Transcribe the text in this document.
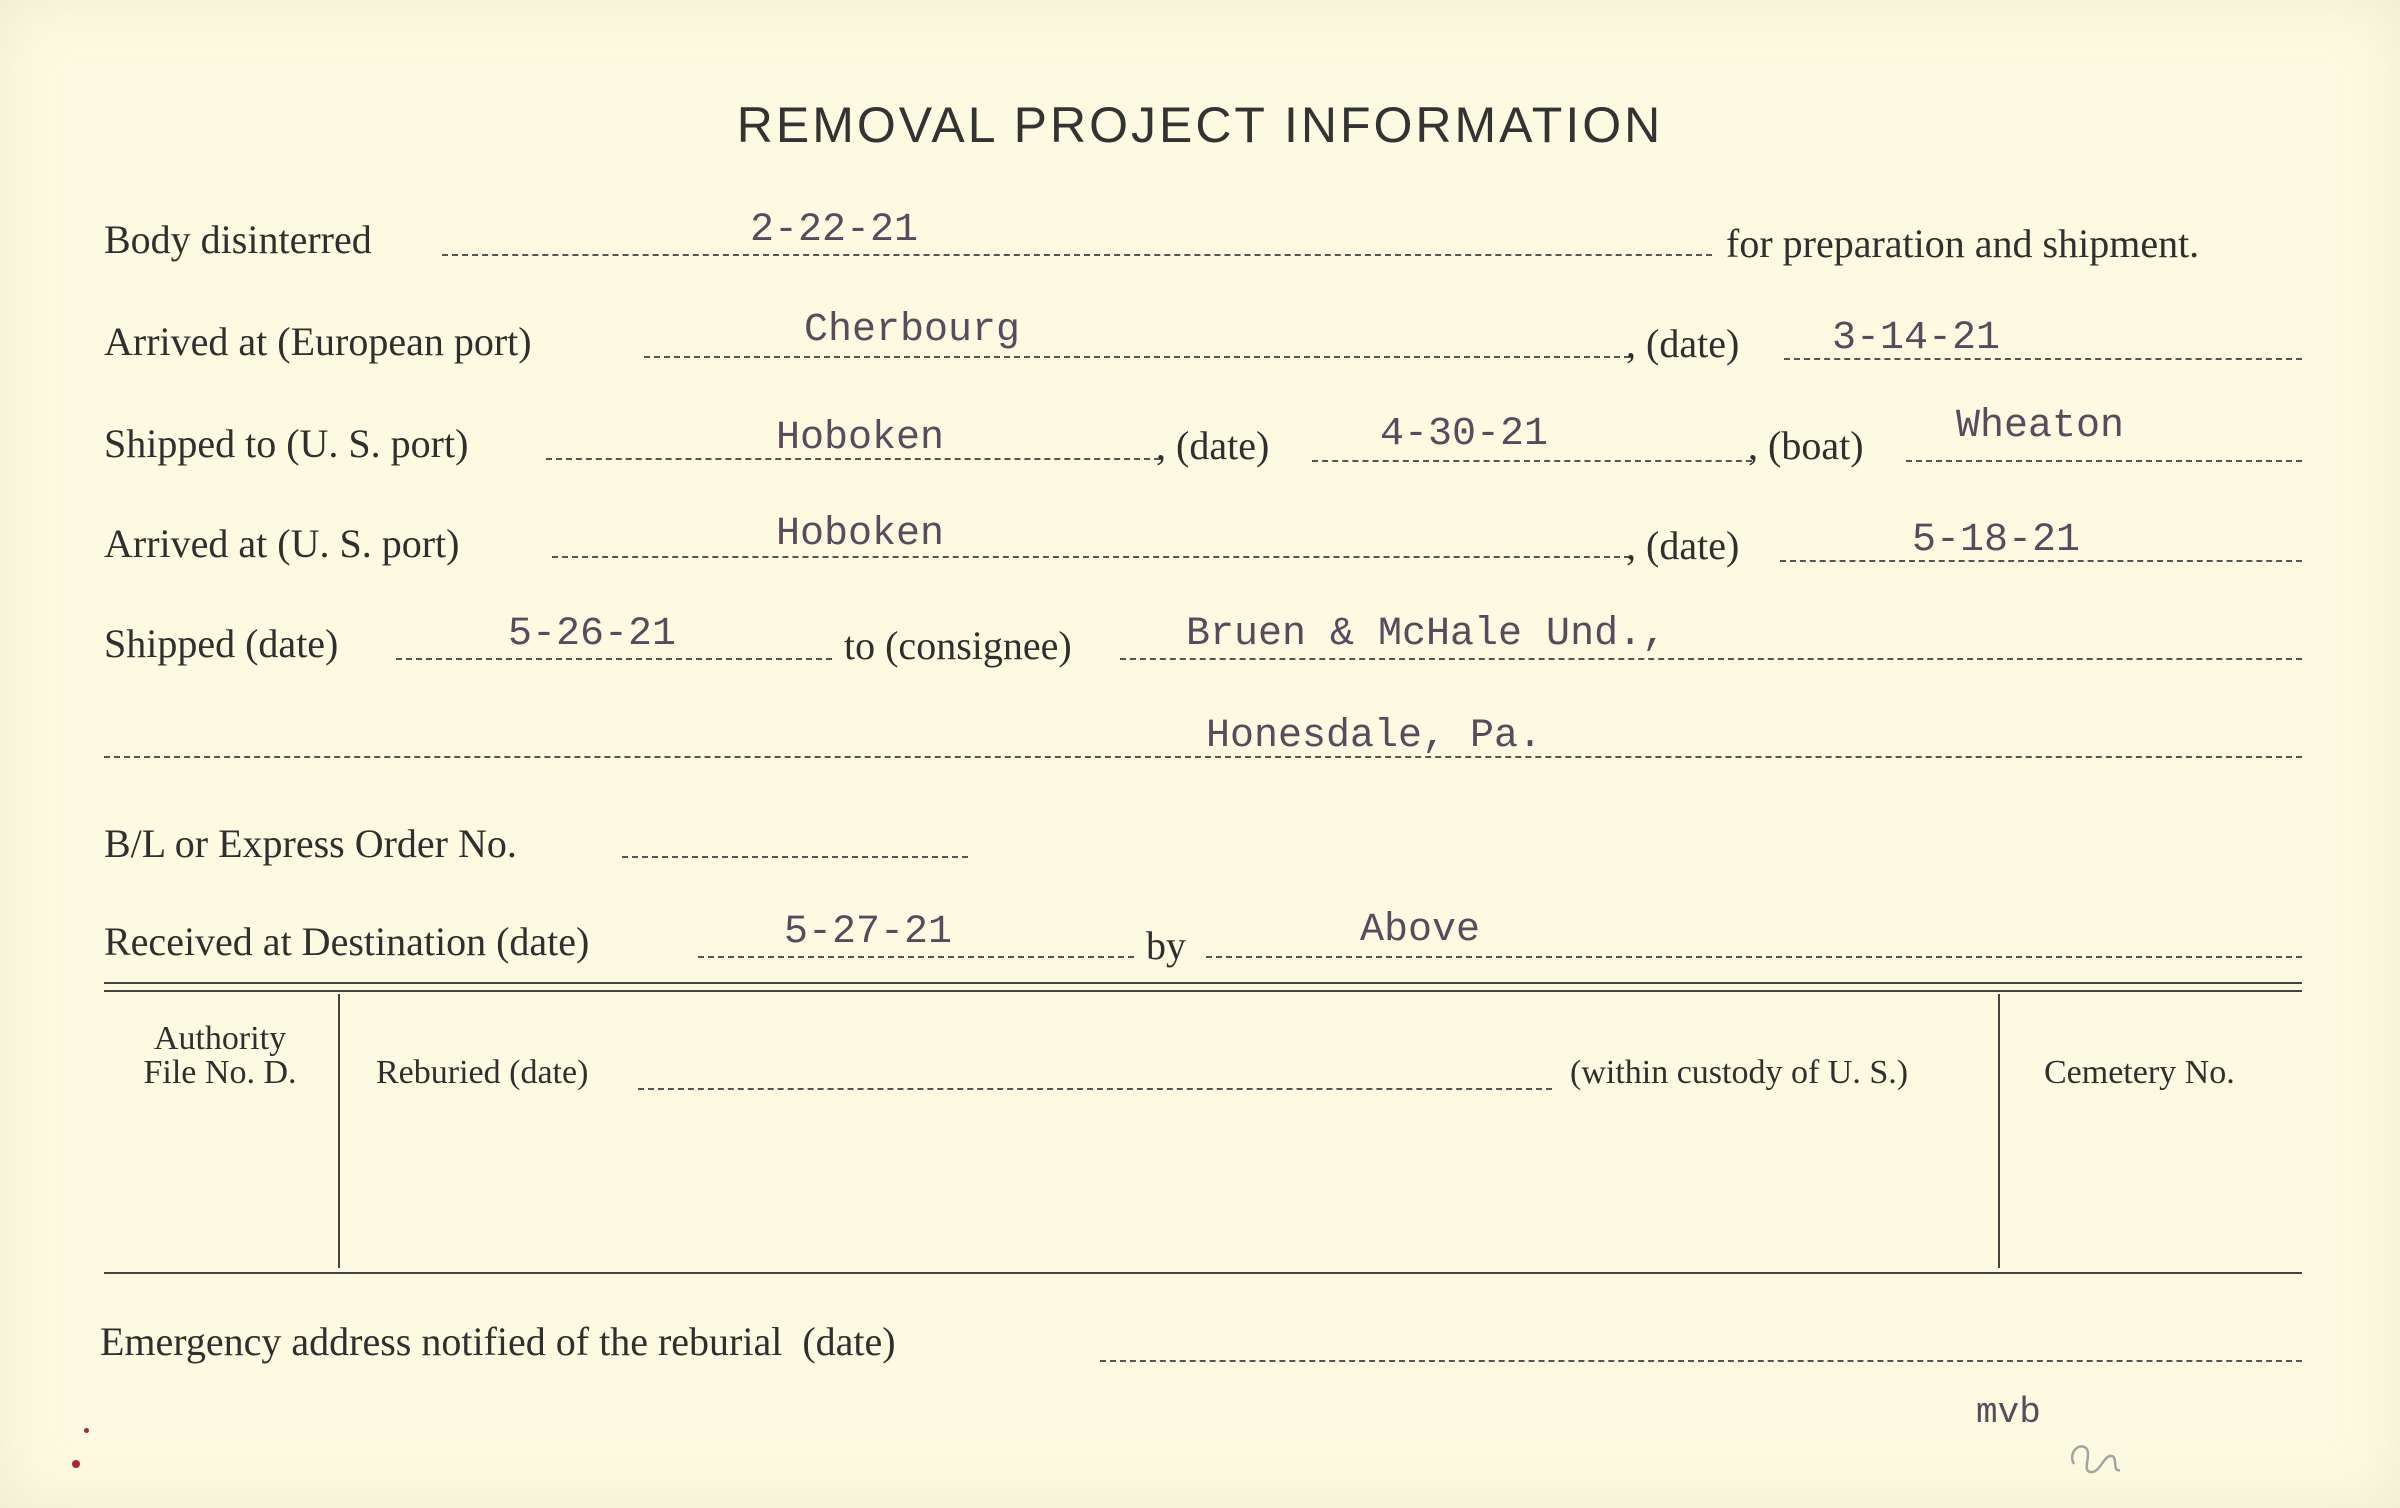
REMOVAL PROJECT INFORMATION
Body disinterred	2-22-21	for preparation and shipment.
Arrived at (European port)	Cherbourg	, (date) 3-14-21
Shipped to (U. S. port)	Hoboken	, (date)	4-30-21	, (boat) Wheaton
Arrived at (U. S. port)	Hoboken	, (date)	5-18-21
Shipped (date)	5-26-21	to (consignee)	Bruen & McHale Und.,
Honesdale, Pa.
B/L or Express Order No.
Received at Destination (date)	5-27-21	by	Above
Authority
File No. D.	Reburied (date)	(within custody of U. S.)	Cemetery No.
Emergency address notified of the reburial  (date)
mvb
